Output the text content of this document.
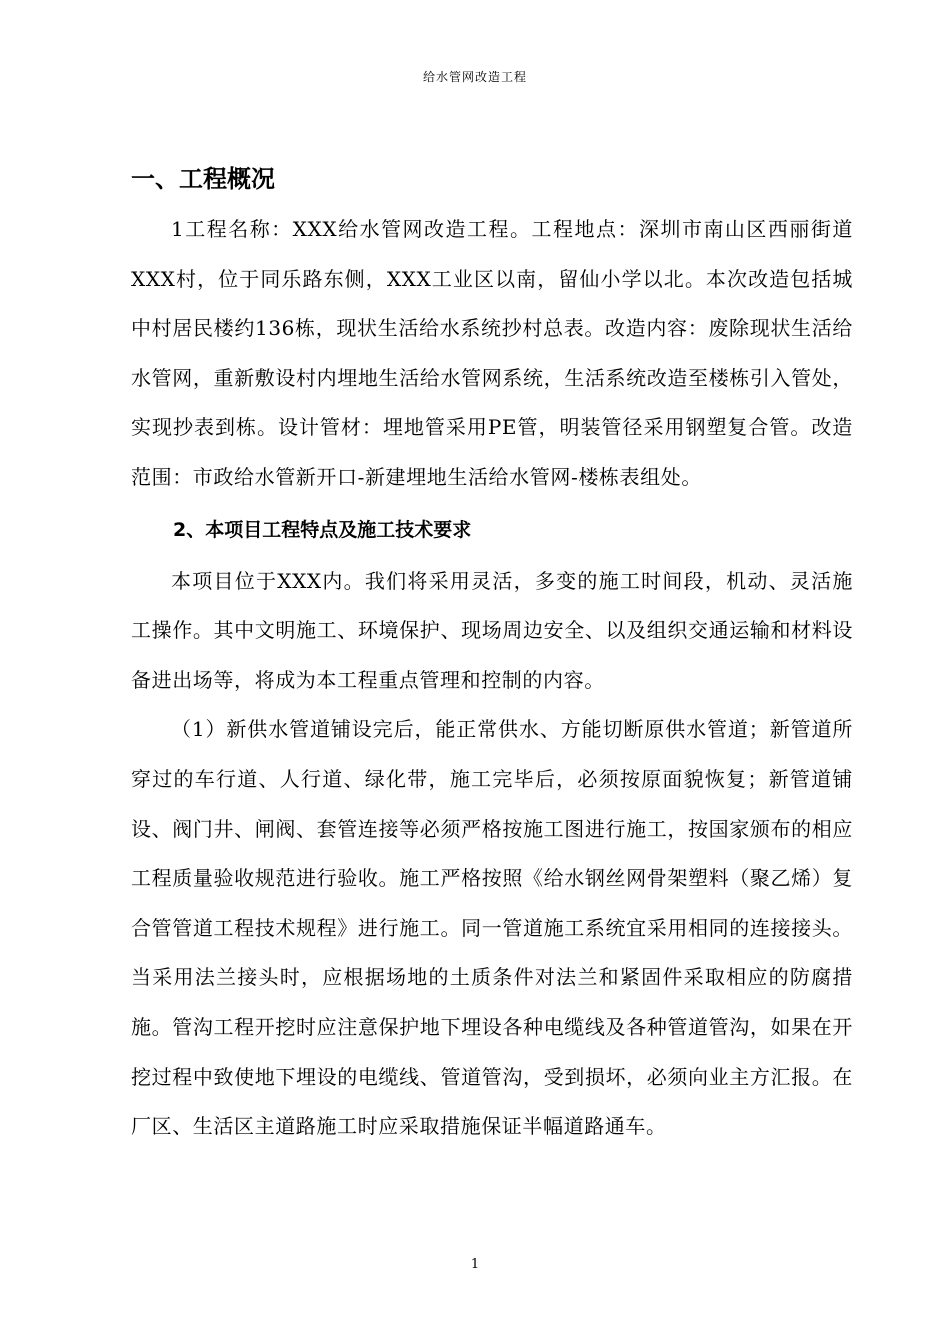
给水管网改造工程
一、工程概况

1工程名称：XXX给水管网改造工程。工程地点：深圳市南山区西丽街道XXX村，位于同乐路东侧，XXX工业区以南，留仙小学以北。本次改造包括城中村居民楼约136栋，现状生活给水系统抄村总表。改造内容：废除现状生活给水管网，重新敷设村内埋地生活给水管网系统，生活系统改造至楼栋引入管处，实现抄表到栋。设计管材：埋地管采用PE管，明装管径采用钢塑复合管。改造范围：市政给水管新开口-新建埋地生活给水管网-楼栋表组处。

2、本项目工程特点及施工技术要求

本项目位于XXX内。我们将采用灵活，多变的施工时间段，机动、灵活施工操作。其中文明施工、环境保护、现场周边安全、以及组织交通运输和材料设备进出场等，将成为本工程重点管理和控制的内容。

（1）新供水管道铺设完后，能正常供水、方能切断原供水管道；新管道所穿过的车行道、人行道、绿化带，施工完毕后，必须按原面貌恢复；新管道铺设、阀门井、闸阀、套管连接等必须严格按施工图进行施工，按国家颁布的相应工程质量验收规范进行验收。施工严格按照《给水钢丝网骨架塑料（聚乙烯）复合管管道工程技术规程》进行施工。同一管道施工系统宜采用相同的连接接头。当采用法兰接头时，应根据场地的土质条件对法兰和紧固件采取相应的防腐措施。管沟工程开挖时应注意保护地下埋设各种电缆线及各种管道管沟，如果在开挖过程中致使地下埋设的电缆线、管道管沟，受到损坏，必须向业主方汇报。在厂区、生活区主道路施工时应采取措施保证半幅道路通车。

1
